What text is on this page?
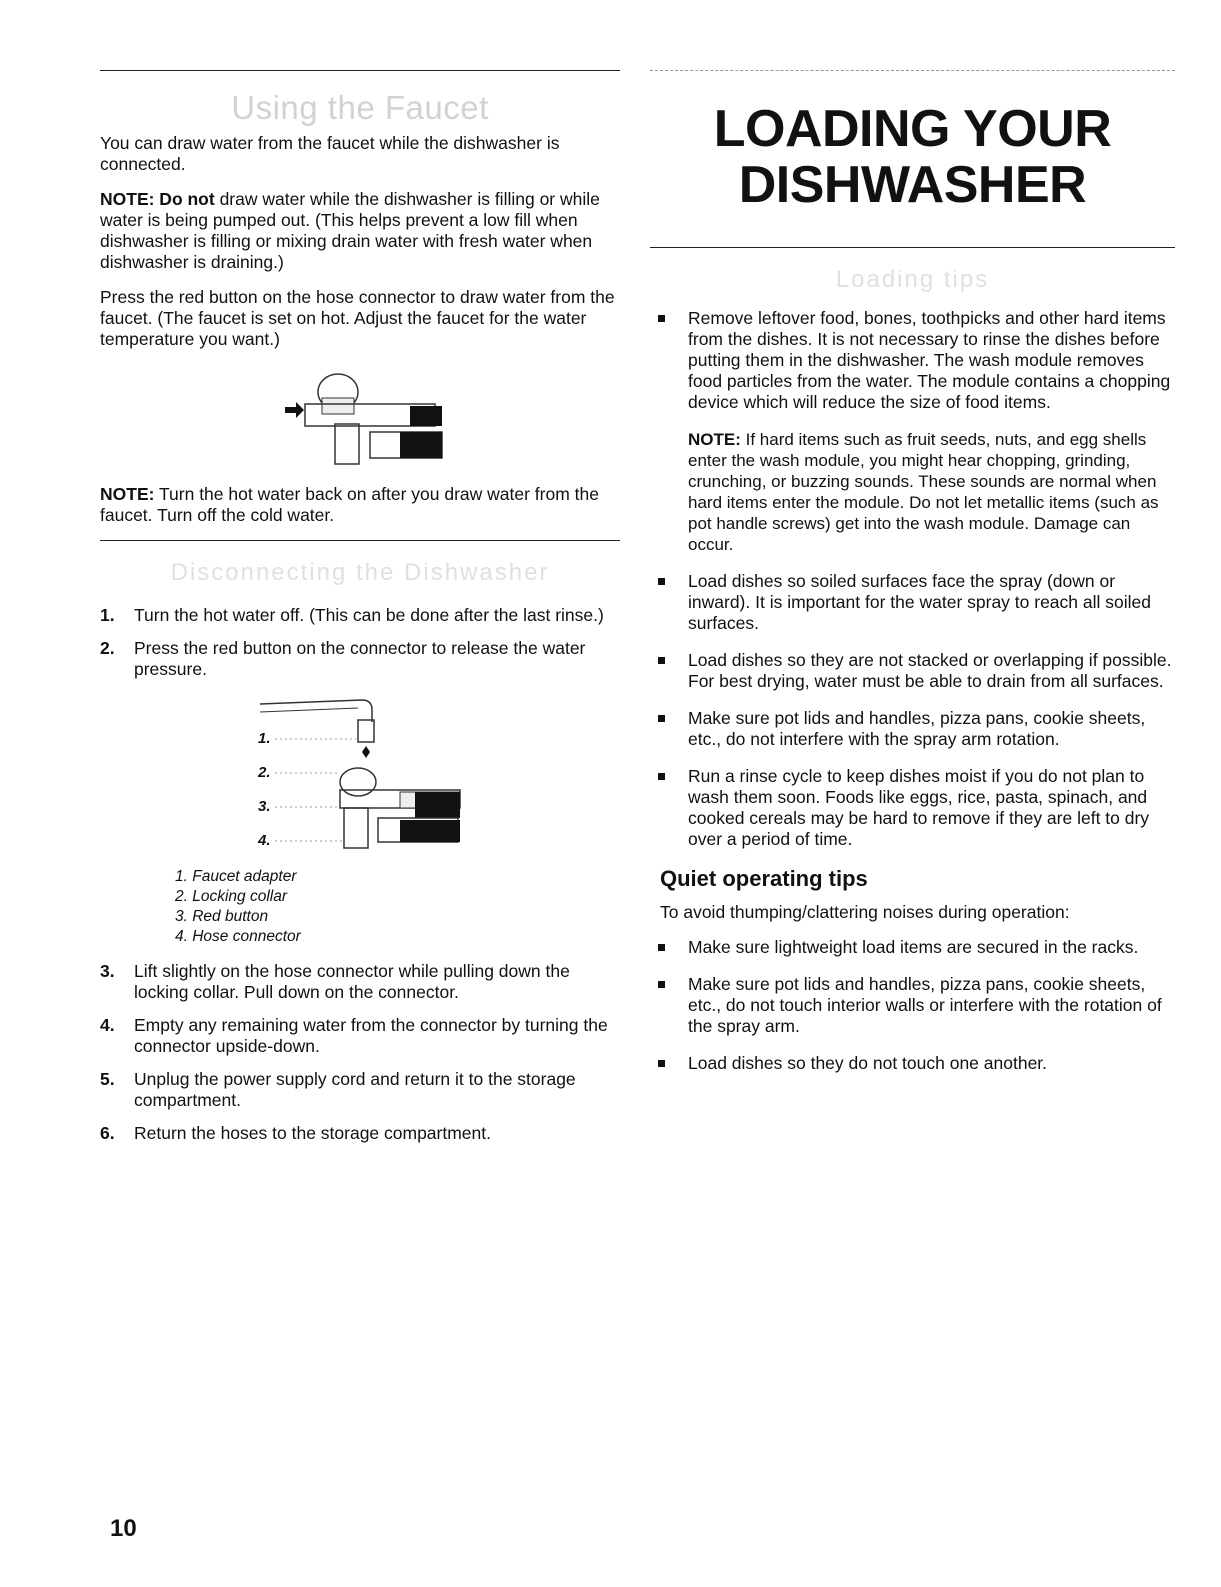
Using the Faucet

You can draw water from the faucet while the dishwasher is connected.

NOTE: Do not draw water while the dishwasher is filling or while water is being pumped out. (This helps prevent a low fill when dishwasher is filling or mixing drain water with fresh water when dishwasher is draining.)

Press the red button on the hose connector to draw water from the faucet. (The faucet is set on hot. Adjust the faucet for the water temperature you want.)

NOTE: Turn the hot water back on after you draw water from the faucet. Turn off the cold water.

Disconnecting the Dishwasher
1. Turn the hot water off. (This can be done after the last rinse.)
2. Press the red button on the connector to release the water pressure.
1.
2.
3.
4.
1. Faucet adapter
2. Locking collar
3. Red button
4. Hose connector
3. Lift slightly on the hose connector while pulling down the locking collar. Pull down on the connector.
4. Empty any remaining water from the connector by turning the connector upside-down.
5. Unplug the power supply cord and return it to the storage compartment.
6. Return the hoses to the storage compartment.
LOADING YOUR
DISHWASHER
Loading tips
Remove leftover food, bones, toothpicks and other hard items from the dishes. It is not necessary to rinse the dishes before putting them in the dishwasher. The wash module removes food particles from the water. The module contains a chopping device which will reduce the size of food items.

NOTE: If hard items such as fruit seeds, nuts, and egg shells enter the wash module, you might hear chopping, grinding, crunching, or buzzing sounds. These sounds are normal when hard items enter the module. Do not let metallic items (such as pot handle screws) get into the wash module. Damage can occur.

Load dishes so soiled surfaces face the spray (down or inward). It is important for the water spray to reach all soiled surfaces.
Load dishes so they are not stacked or overlapping if possible. For best drying, water must be able to drain from all surfaces.
Make sure pot lids and handles, pizza pans, cookie sheets, etc., do not interfere with the spray arm rotation.
Run a rinse cycle to keep dishes moist if you do not plan to wash them soon. Foods like eggs, rice, pasta, spinach, and cooked cereals may be hard to remove if they are left to dry over a period of time.
Quiet operating tips

To avoid thumping/clattering noises during operation:

Make sure lightweight load items are secured in the racks.
Make sure pot lids and handles, pizza pans, cookie sheets, etc., do not touch interior walls or interfere with the rotation of the spray arm.
Load dishes so they do not touch one another.
10
